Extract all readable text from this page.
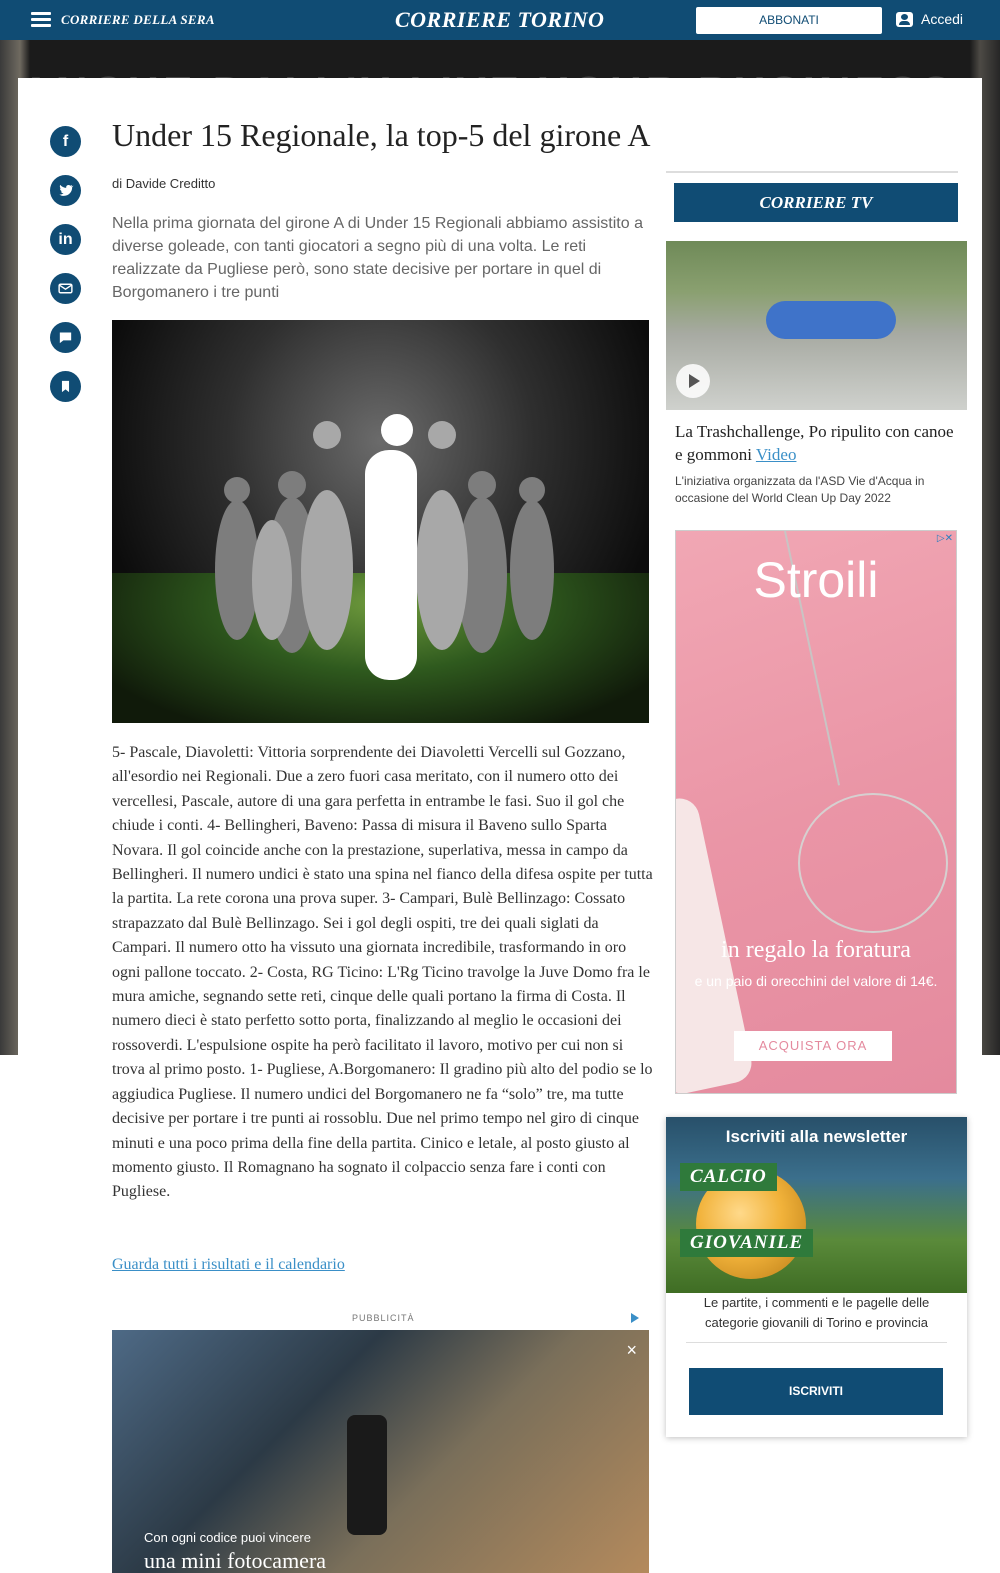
CORRIERE DELLA SERA	CORRIERE TORINO	ABBONATI	Accedi
f
in
Under 15 Regionale, la top-5 del girone A
di Davide Creditto

Nella prima giornata del girone A di Under 15 Regionali abbiamo assistito a diverse goleade, con tanti giocatori a segno più di una volta. Le reti realizzate da Pugliese però, sono state decisive per portare in quel di Borgomanero i tre punti

5- Pascale, Diavoletti: Vittoria sorprendente dei Diavoletti Vercelli sul Gozzano, all'esordio nei Regionali. Due a zero fuori casa meritato, con il numero otto dei vercellesi, Pascale, autore di una gara perfetta in entrambe le fasi. Suo il gol che chiude i conti. 4- Bellingheri, Baveno: Passa di misura il Baveno sullo Sparta Novara. Il gol coincide anche con la prestazione, superlativa, messa in campo da Bellingheri. Il numero undici è stato una spina nel fianco della difesa ospite per tutta la partita. La rete corona una prova super. 3- Campari, Bulè Bellinzago: Cossato strapazzato dal Bulè Bellinzago. Sei i gol degli ospiti, tre dei quali siglati da Campari. Il numero otto ha vissuto una giornata incredibile, trasformando in oro ogni pallone toccato. 2- Costa, RG Ticino: L'Rg Ticino travolge la Juve Domo fra le mura amiche, segnando sette reti, cinque delle quali portano la firma di Costa. Il numero dieci è stato perfetto sotto porta, finalizzando al meglio le occasioni dei rossoverdi. L'espulsione ospite ha però facilitato il lavoro, motivo per cui non si trova al primo posto. 1- Pugliese, A.Borgomanero: Il gradino più alto del podio se lo aggiudica Pugliese. Il numero undici del Borgomanero ne fa “solo” tre, ma tutte decisive per portare i tre punti ai rossoblu. Due nel primo tempo nel giro di cinque minuti e una poco prima della fine della partita. Cinico e letale, al posto giusto al momento giusto. Il Romagnano ha sognato il colpaccio senza fare i conti con Pugliese.
Guarda tutti i risultati e il calendario
PUBBLICITÀ
×
Con ogni codice puoi vincere
una mini fotocamera
CORRIERE TV
La Trashchallenge, Po ripulito con canoe e gommoni Video
L'iniziativa organizzata da l'ASD Vie d'Acqua in occasione del World Clean Up Day 2022
▷✕
Stroili
in regalo la foratura
e un paio di orecchini del valore di 14€.
ACQUISTA ORA
Iscriviti alla newsletter
CALCIO
GIOVANILE
Le partite, i commenti e le pagelle delle categorie giovanili di Torino e provincia
ISCRIVITI
